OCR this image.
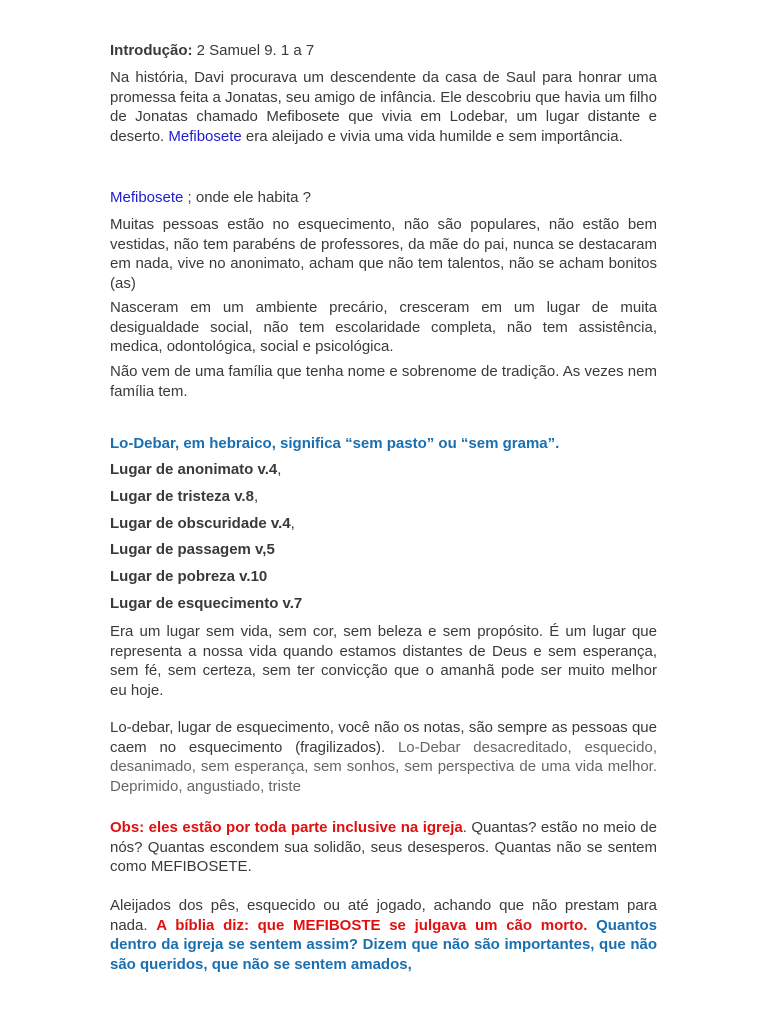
Introdução: 2 Samuel 9. 1 a 7

Na história, Davi procurava um descendente da casa de Saul para honrar uma promessa feita a Jonatas, seu amigo de infância. Ele descobriu que havia um filho de Jonatas chamado Mefibosete que vivia em Lodebar, um lugar distante e deserto. Mefibosete era aleijado e vivia uma vida humilde e sem importância.

Mefibosete ; onde ele habita ?

Muitas pessoas estão no esquecimento, não são populares, não estão bem vestidas, não tem parabéns de professores, da mãe do pai, nunca se destacaram em nada, vive no anonimato, acham que não tem talentos, não se acham bonitos (as)

Nasceram em um ambiente precário, cresceram em um lugar de muita desigualdade social, não tem escolaridade completa, não tem assistência, medica, odontológica, social e psicológica.

Não vem de uma família que tenha nome e sobrenome de tradição. As vezes nem família tem.

Lo-Debar, em hebraico, significa “sem pasto” ou “sem grama”.

Lugar de anonimato v.4,

Lugar de tristeza v.8,

Lugar de obscuridade v.4,

Lugar de passagem v,5

Lugar de pobreza v.10

Lugar de esquecimento v.7

Era um lugar sem vida, sem cor, sem beleza e sem propósito. É um lugar que representa a nossa vida quando estamos distantes de Deus e sem esperança, sem fé, sem certeza, sem ter convicção que o amanhã pode ser muito melhor       eu hoje.

Lo-debar, lugar de esquecimento, você não os notas, são sempre as pessoas que caem no esquecimento (fragilizados). Lo-Debar desacreditado, esquecido, desanimado, sem esperança, sem sonhos, sem perspectiva de uma vida melhor. Deprimido, angustiado, triste

Obs: eles estão por toda parte inclusive na igreja. Quantas? estão no meio de nós? Quantas escondem sua solidão, seus desesperos. Quantas não se sentem como MEFIBOSETE.

Aleijados dos pês, esquecido ou até jogado, achando que não prestam para nada. A bíblia diz: que MEFIBOSTE se julgava um cão morto. Quantos dentro da igreja se sentem assim? Dizem que não são importantes, que não são queridos, que não se sentem amados,
